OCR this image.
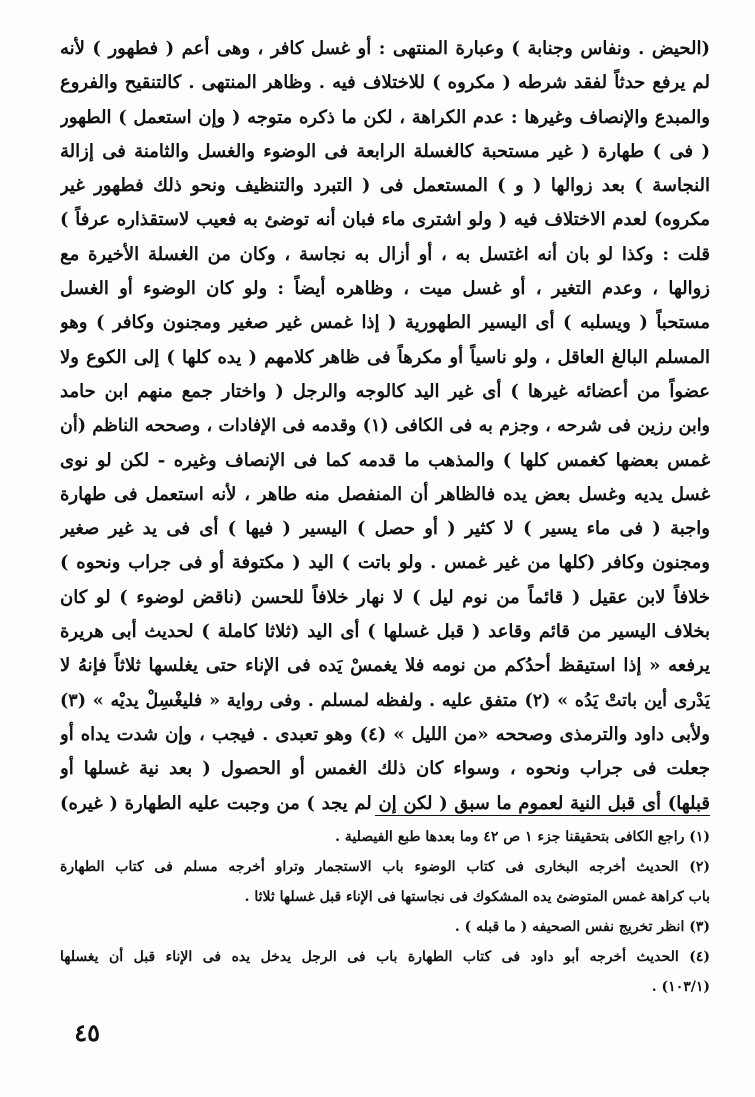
(الحيض . ونفاس وجنابة ) وعبارة المنتهى : أو غسل كافر ، وهى أعم ( فطهور ) لأنه
لم يرفع حدثاً لفقد شرطه ( مكروه ) للاختلاف فيه . وظاهر المنتهى . كالتنقيح والفروع
والمبدع والإنصاف وغيرها : عدم الكراهة ، لكن ما ذكره متوجه ( وإن استعمل ) الطهور
( فى ) طهارة ( غير مستحبة كالغسلة الرابعة فى الوضوء والغسل والثامنة فى إزالة
النجاسة ) بعد زوالها ( و ) المستعمل فى ( التبرد والتنظيف ونحو ذلك فطهور غير
مكروه) لعدم الاختلاف فيه ( ولو اشترى ماء فبان أنه توضئ به فعيب لاستقذاره عرفاً )
قلت : وكذا لو بان أنه اغتسل به ، أو أزال به نجاسة ، وكان من الغسلة الأخيرة مع
زوالها ، وعدم التغير ، أو غسل ميت ، وظاهره أيضاً : ولو كان الوضوء أو الغسل
مستحباً ( ويسلبه ) أى اليسير الطهورية ( إذا غمس غير صغير ومجنون وكافر ) وهو
المسلم البالغ العاقل ، ولو ناسياً أو مكرهاً فى ظاهر كلامهم ( يده كلها ) إلى الكوع ولا
عضواً من أعضائه غيرها ) أى غير اليد كالوجه والرجل ( واختار جمع منهم ابن حامد
وابن رزين فى شرحه ، وجزم به فى الكافى (١) وقدمه فى الإفادات ، وصححه الناظم (أن
غمس بعضها كغمس كلها ) والمذهب ما قدمه كما فى الإنصاف وغيره - لكن لو نوى
غسل يديه وغسل بعض يده فالظاهر أن المنفصل منه طاهر ، لأنه استعمل فى طهارة
واجبة ( فى ماء يسير ) لا كثير ( أو حصل ) اليسير ( فيها ) أى فى يد غير صغير
ومجنون وكافر (كلها من غير غمس . ولو باتت ) اليد ( مكتوفة أو فى جراب ونحوه )
خلافاً لابن عقيل ( قائماً من نوم ليل ) لا نهار خلافاً للحسن (ناقض لوضوء ) لو كان
بخلاف اليسير من قائم وقاعد ( قبل غسلها ) أى اليد (ثلاثا كاملة ) لحديث أبى هريرة
يرفعه « إذا استيقظ أحدُكم من نومه فلا يغمسْ يَده فى الإناء حتى يغلسها ثلاثاً فإنهُ لا
يَدْرى أين باتتْ يَدُه » (٢) متفق عليه . ولفظه لمسلم . وفى رواية « فليغْسِلْ يديْه » (٣)
ولأبى داود والترمذى وصححه «من الليل » (٤) وهو تعبدى . فيجب ، وإن شدت يداه أو
جعلت فى جراب ونحوه ، وسواء كان ذلك الغمس أو الحصول ( بعد نية غسلها أو
قبلها) أى قبل النية لعموم ما سبق ( لكن إن لم يجد ) من وجبت عليه الطهارة ( غيره)
(١) راجع الكافى بتحقيقنا جزء ١ ص ٤٢ وما بعدها طبع الفيصلية .
(٢) الحديث أخرجه البخارى فى كتاب الوضوء باب الاستجمار وتراو أخرجه مسلم فى كتاب الطهارة
باب كراهة غمس المتوضئ يده المشكوك فى نجاستها فى الإناء قبل غسلها ثلاثا .
(٣) انظر تخريج نفس الصحيفه ( ما قبله ) .
(٤) الحديث أخرجه أبو داود فى كتاب الطهارة باب فى الرجل يدخل يده فى الإناء قبل أن يغسلها
(١٠٣/١) .
٤٥
